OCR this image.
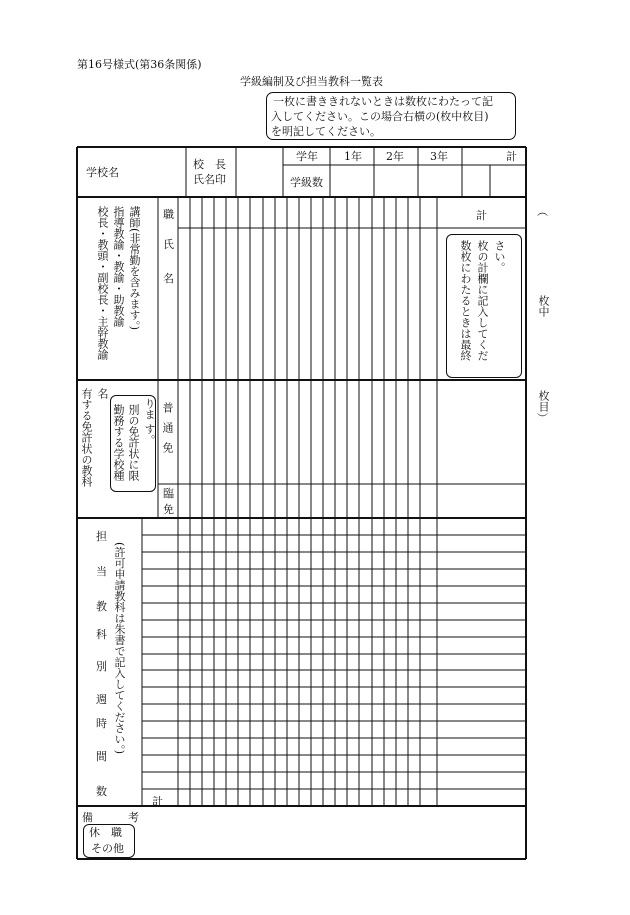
第16号様式(第36条関係)
学級編制及び担当教科一覧表
一枚に書ききれないときは数枚にわたって記
入してください。この場合右横の(枚中枚目)
を明記してください。
学校名
校　長
氏名印
学年 1年 2年 3年	計
学級数
講師(非常勤を含みます。)
指導教諭・教諭・助教諭
校長・教頭・副校長・主幹教諭	職
氏
名
計
さい。
枚の計欄に記入してくだ
数枚にわたるときは最終
名
有する免許状の教科	りま す。
別の免許状に限
勤務する学校種	普通免
臨
免
担
当
教
科
別
週
時
間
数
(許可申請教科は朱書で記入してください。)
計
備	考
休　職
その他
︵
枚中
枚目
︶
